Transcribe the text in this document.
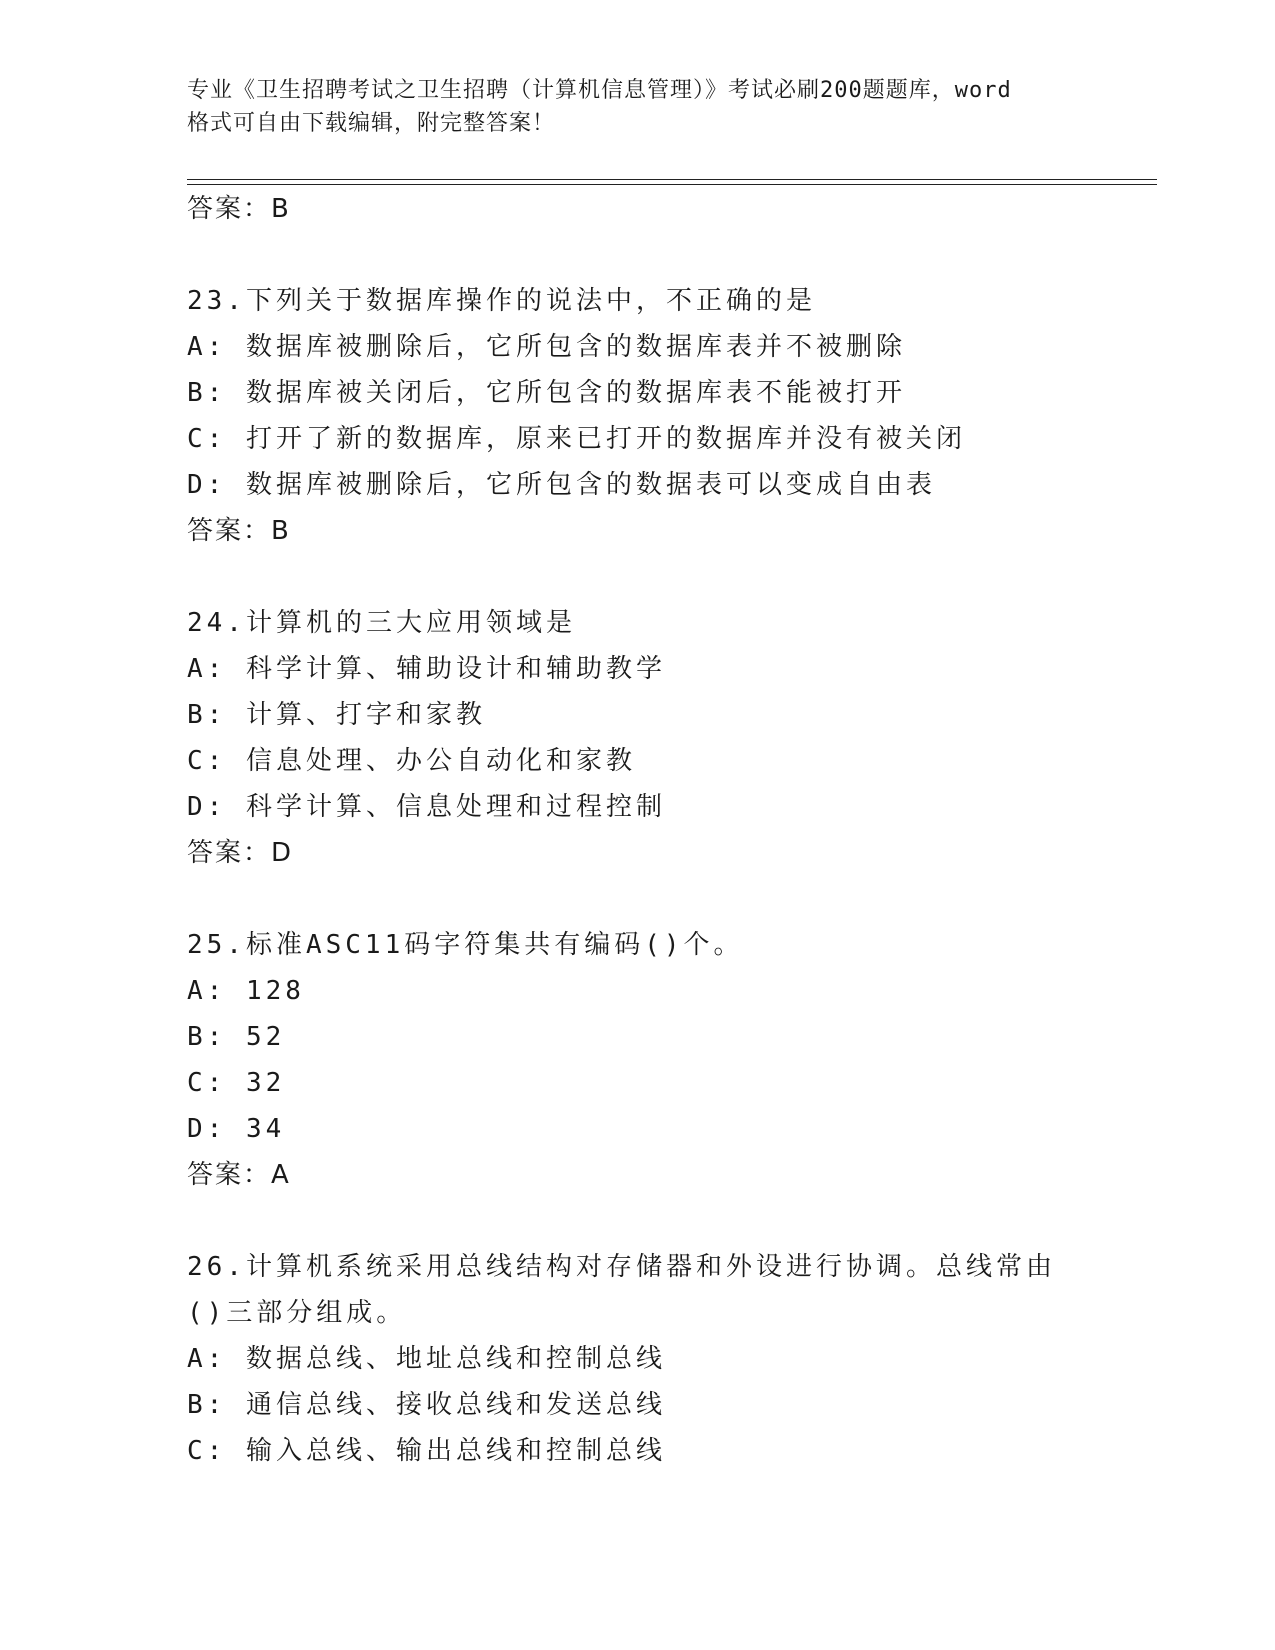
专业《卫生招聘考试之卫生招聘（计算机信息管理）》考试必刷200题题库，word
格式可自由下载编辑，附完整答案！
答案：B
23.下列关于数据库操作的说法中，不正确的是
A: 数据库被删除后，它所包含的数据库表并不被删除
B: 数据库被关闭后，它所包含的数据库表不能被打开
C: 打开了新的数据库，原来已打开的数据库并没有被关闭
D: 数据库被删除后，它所包含的数据表可以变成自由表
答案：B
24.计算机的三大应用领域是
A: 科学计算、辅助设计和辅助教学
B: 计算、打字和家教
C: 信息处理、办公自动化和家教
D: 科学计算、信息处理和过程控制
答案：D
25.标准ASC11码字符集共有编码()个。
A: 128
B: 52
C: 32
D: 34
答案：A
26.计算机系统采用总线结构对存储器和外设进行协调。总线常由()三部分组成。
A: 数据总线、地址总线和控制总线
B: 通信总线、接收总线和发送总线
C: 输入总线、输出总线和控制总线
